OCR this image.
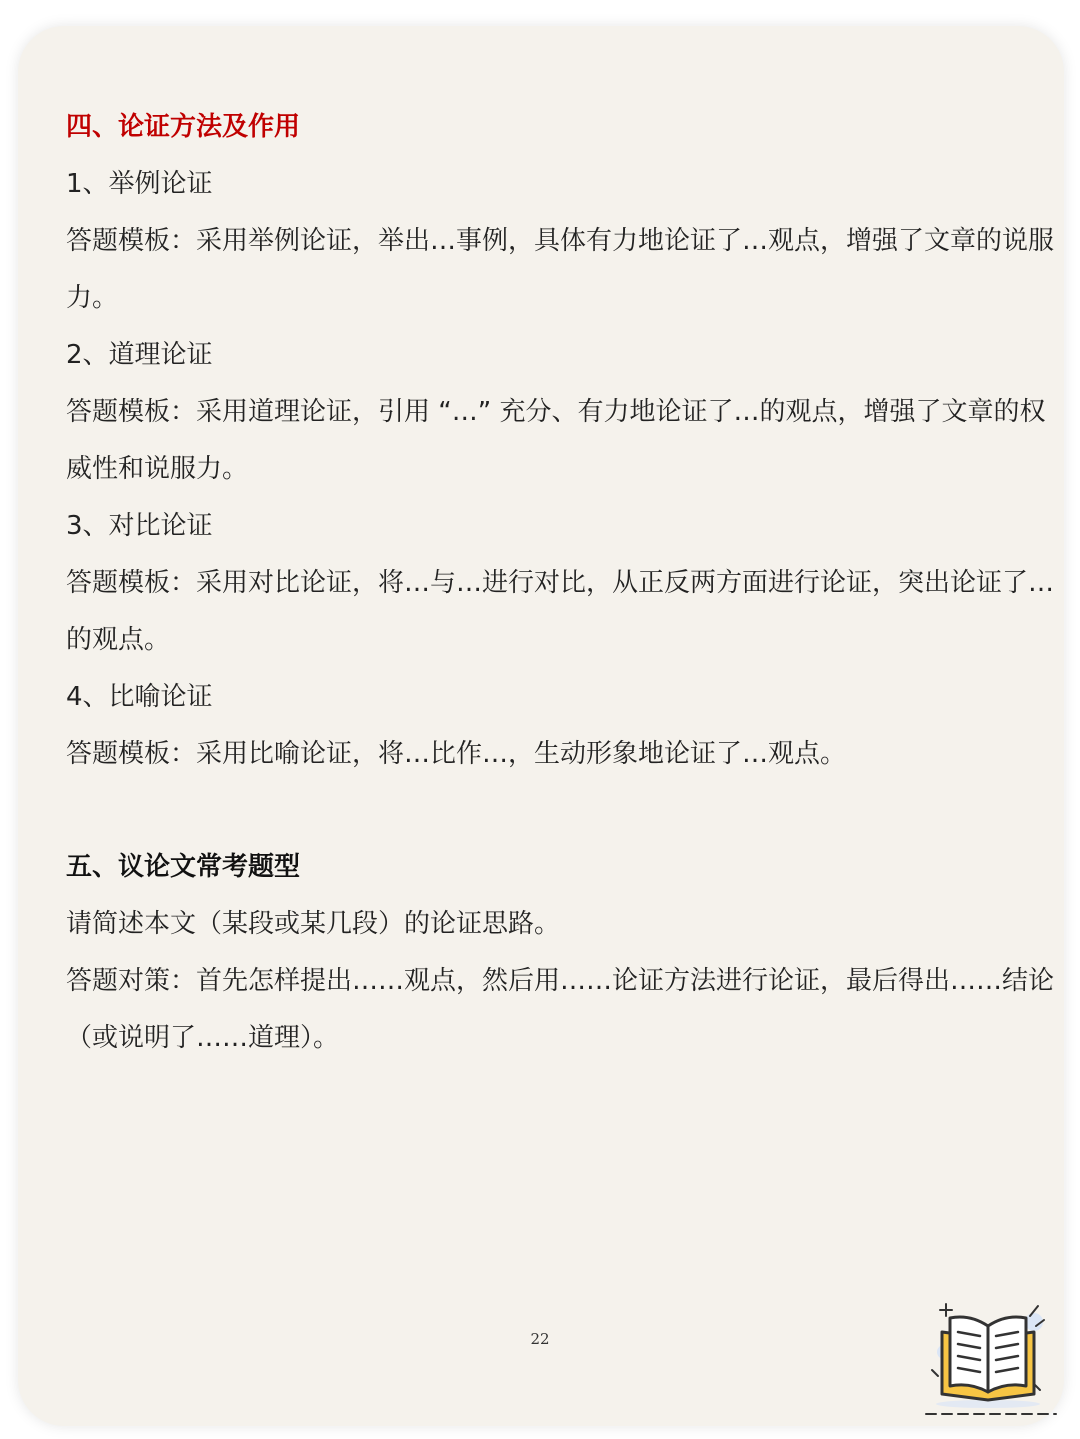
四、论证方法及作用
1、举例论证
答题模板：采用举例论证，举出…事例，具体有力地论证了…观点，增强了文章的说服
力。
2、道理论证
答题模板：采用道理论证，引用 “…” 充分、有力地论证了…的观点，增强了文章的权
威性和说服力。
3、对比论证
答题模板：采用对比论证，将…与…进行对比，从正反两方面进行论证，突出论证了…
的观点。
4、比喻论证
答题模板：采用比喻论证，将…比作…，生动形象地论证了…观点。
五、议论文常考题型
请简述本文（某段或某几段）的论证思路。
答题对策：首先怎样提出……观点，然后用……论证方法进行论证，最后得出……结论
（或说明了……道理）。
22
